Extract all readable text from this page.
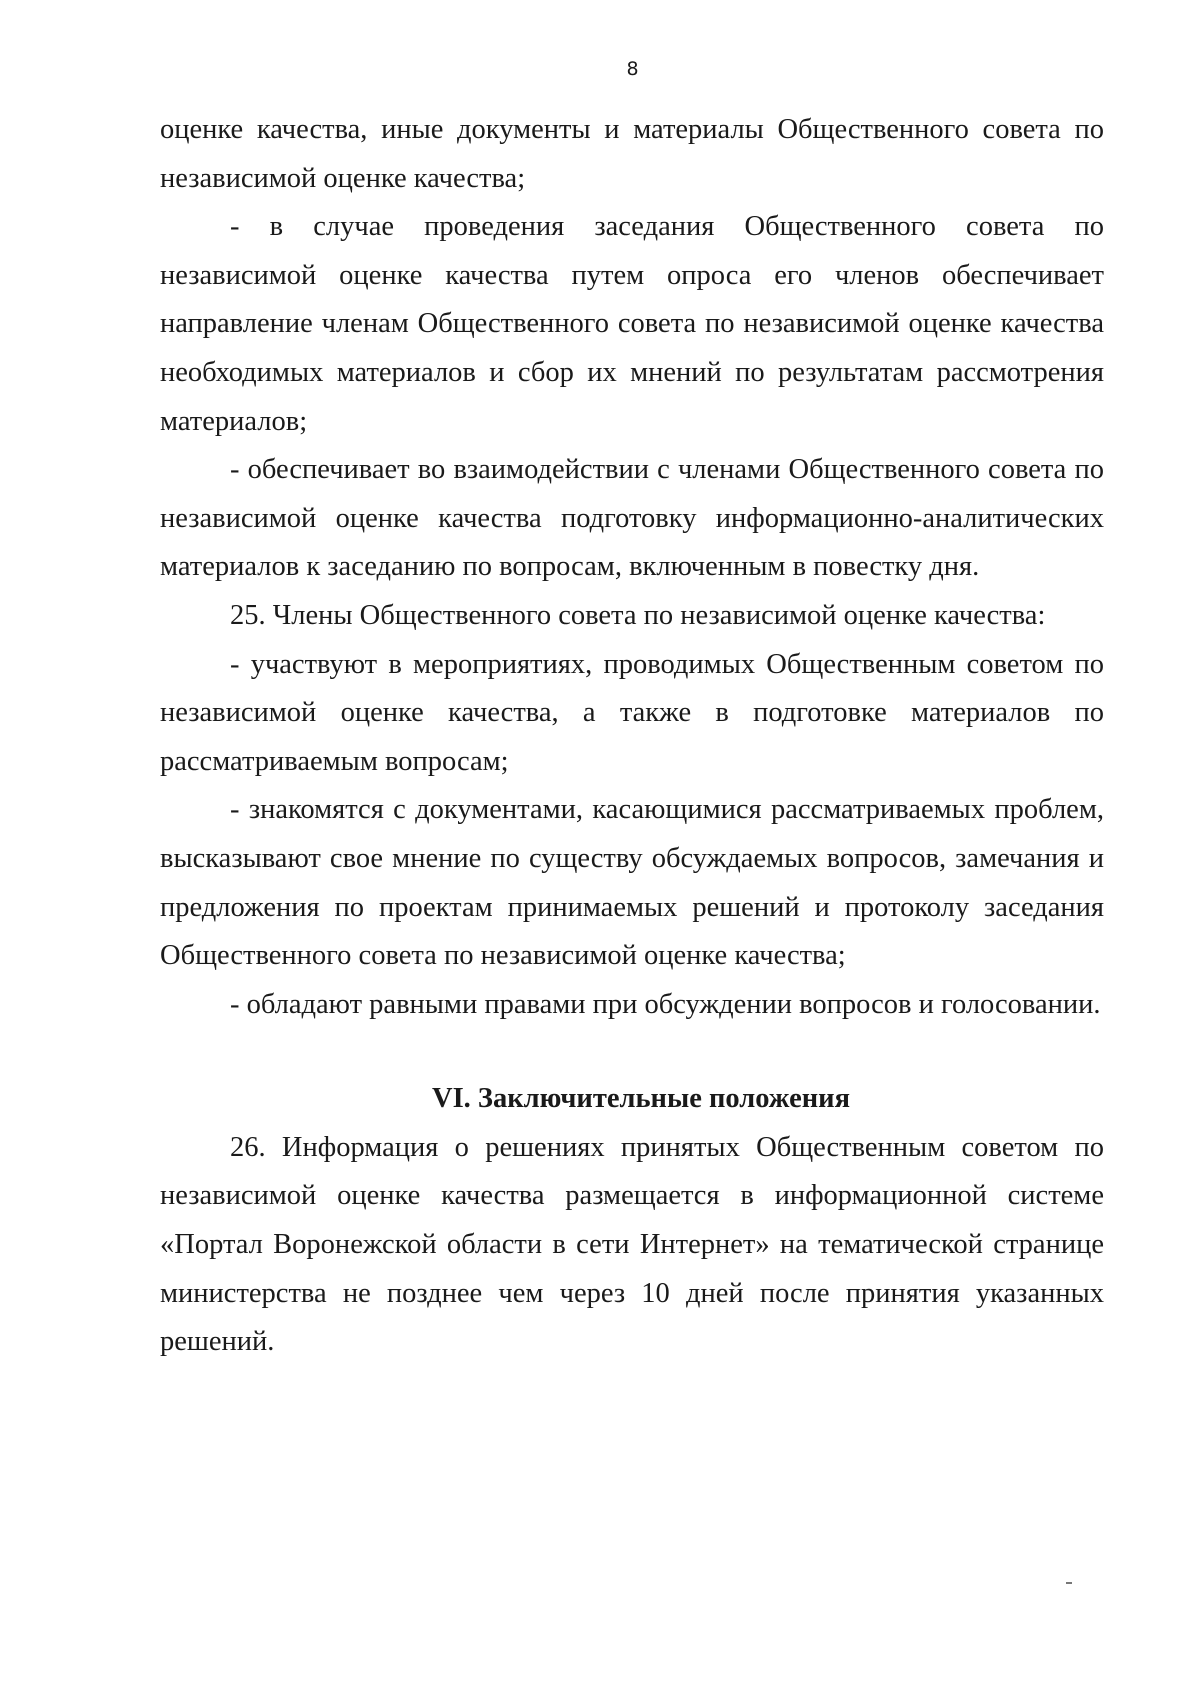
8

оценке качества, иные документы и материалы Общественного совета по независимой оценке качества;

- в случае проведения заседания Общественного совета по независимой оценке качества путем опроса его членов обеспечивает направление членам Общественного совета по независимой оценке качества необходимых материалов и сбор их мнений по результатам рассмотрения материалов;

- обеспечивает во взаимодействии с членами Общественного совета по независимой оценке качества подготовку информационно-аналитических материалов к заседанию по вопросам, включенным в повестку дня.

25. Члены Общественного совета по независимой оценке качества:

- участвуют в мероприятиях, проводимых Общественным советом по независимой оценке качества, а также в подготовке материалов по рассматриваемым вопросам;

- знакомятся с документами, касающимися рассматриваемых проблем, высказывают свое мнение по существу обсуждаемых вопросов, замечания и предложения по проектам принимаемых решений и протоколу заседания Общественного совета по независимой оценке качества;

- обладают равными правами при обсуждении вопросов и голосовании.

VI. Заключительные положения

26. Информация о решениях принятых Общественным советом по независимой оценке качества размещается в информационной системе «Портал Воронежской области в сети Интернет» на тематической странице министерства не позднее чем через 10 дней после принятия указанных решений.
